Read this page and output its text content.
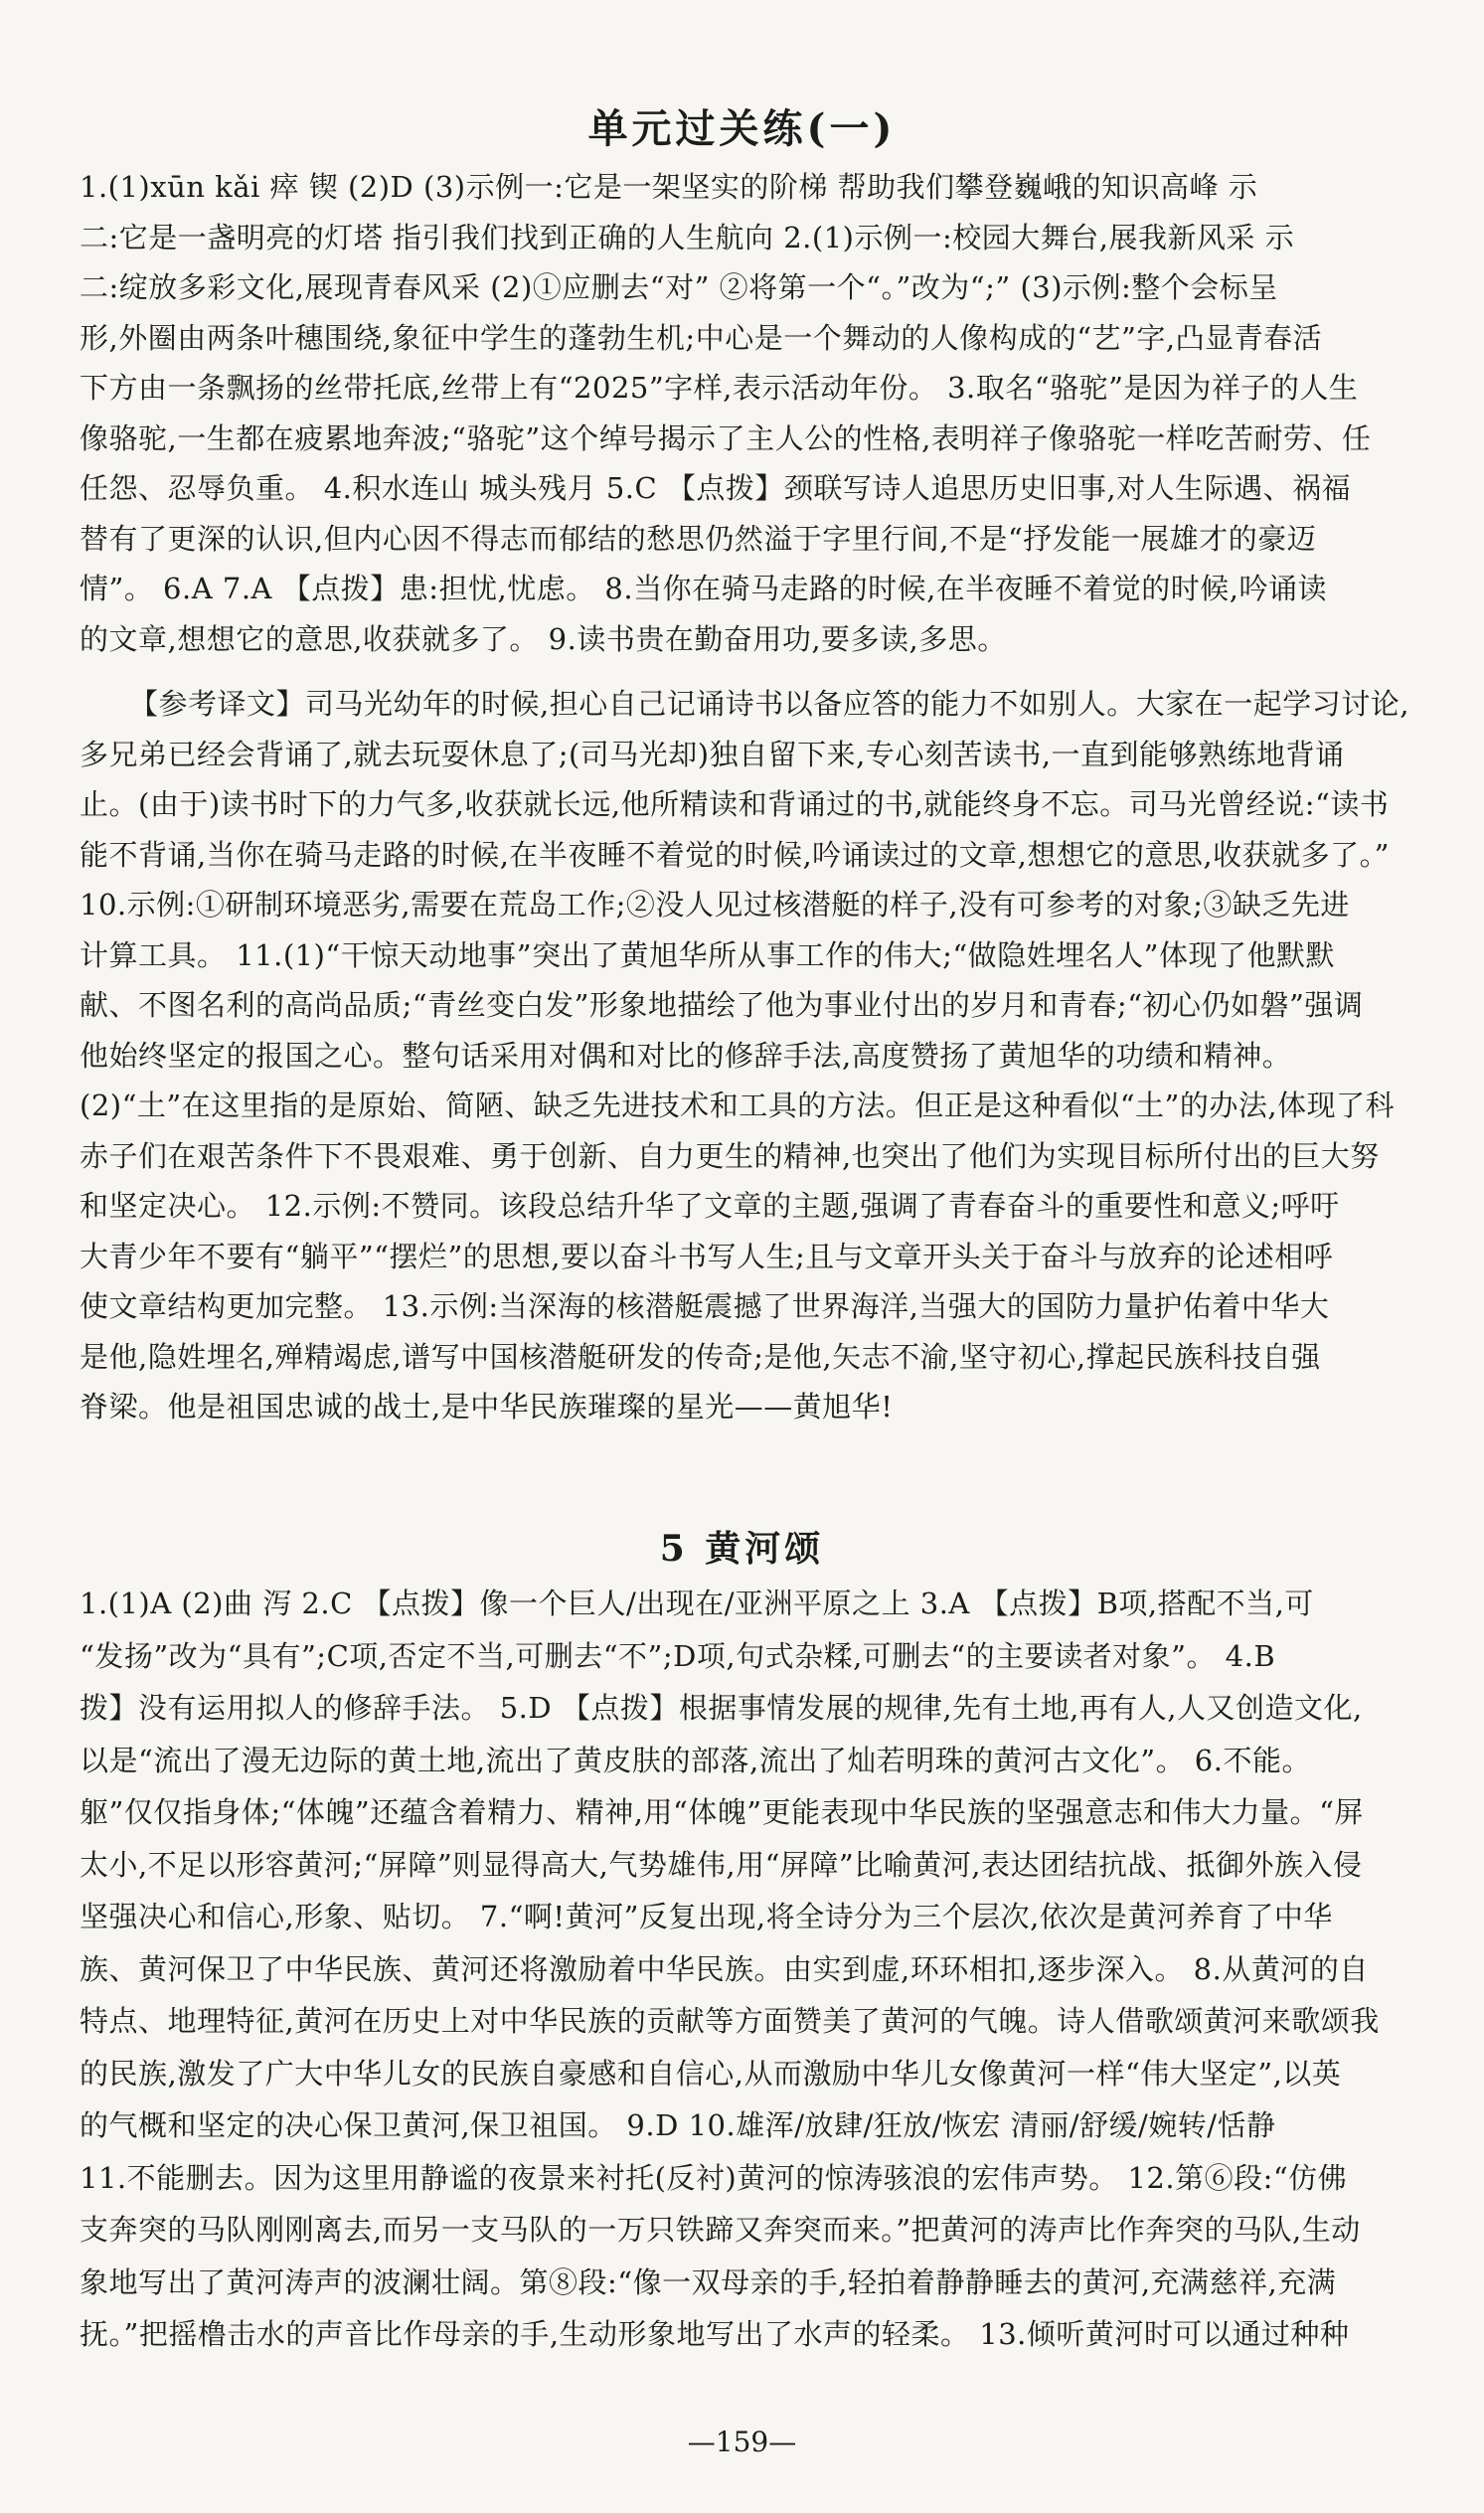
单元过关练(一)
1.(1)xūn kǎi 瘁 锲 (2)D (3)示例一:它是一架坚实的阶梯 帮助我们攀登巍峨的知识高峰 示
二:它是一盏明亮的灯塔 指引我们找到正确的人生航向 2.(1)示例一:校园大舞台,展我新风采 示
二:绽放多彩文化,展现青春风采 (2)①应删去“对” ②将第一个“。”改为“;” (3)示例:整个会标呈
形,外圈由两条叶穗围绕,象征中学生的蓬勃生机;中心是一个舞动的人像构成的“艺”字,凸显青春活
下方由一条飘扬的丝带托底,丝带上有“2025”字样,表示活动年份。 3.取名“骆驼”是因为祥子的人生
像骆驼,一生都在疲累地奔波;“骆驼”这个绰号揭示了主人公的性格,表明祥子像骆驼一样吃苦耐劳、任
任怨、忍辱负重。 4.积水连山 城头残月 5.C 【点拨】颈联写诗人追思历史旧事,对人生际遇、祸福
替有了更深的认识,但内心因不得志而郁结的愁思仍然溢于字里行间,不是“抒发能一展雄才的豪迈
情”。 6.A 7.A 【点拨】患:担忧,忧虑。 8.当你在骑马走路的时候,在半夜睡不着觉的时候,吟诵读
的文章,想想它的意思,收获就多了。 9.读书贵在勤奋用功,要多读,多思。
【参考译文】司马光幼年的时候,担心自己记诵诗书以备应答的能力不如别人。大家在一起学习讨论,
多兄弟已经会背诵了,就去玩耍休息了;(司马光却)独自留下来,专心刻苦读书,一直到能够熟练地背诵
止。(由于)读书时下的力气多,收获就长远,他所精读和背诵过的书,就能终身不忘。司马光曾经说:“读书
能不背诵,当你在骑马走路的时候,在半夜睡不着觉的时候,吟诵读过的文章,想想它的意思,收获就多了。”
10.示例:①研制环境恶劣,需要在荒岛工作;②没人见过核潜艇的样子,没有可参考的对象;③缺乏先进
计算工具。 11.(1)“干惊天动地事”突出了黄旭华所从事工作的伟大;“做隐姓埋名人”体现了他默默
献、不图名利的高尚品质;“青丝变白发”形象地描绘了他为事业付出的岁月和青春;“初心仍如磐”强调
他始终坚定的报国之心。整句话采用对偶和对比的修辞手法,高度赞扬了黄旭华的功绩和精神。
(2)“土”在这里指的是原始、简陋、缺乏先进技术和工具的方法。但正是这种看似“土”的办法,体现了科
赤子们在艰苦条件下不畏艰难、勇于创新、自力更生的精神,也突出了他们为实现目标所付出的巨大努
和坚定决心。 12.示例:不赞同。该段总结升华了文章的主题,强调了青春奋斗的重要性和意义;呼吁
大青少年不要有“躺平”“摆烂”的思想,要以奋斗书写人生;且与文章开头关于奋斗与放弃的论述相呼
使文章结构更加完整。 13.示例:当深海的核潜艇震撼了世界海洋,当强大的国防力量护佑着中华大
是他,隐姓埋名,殚精竭虑,谱写中国核潜艇研发的传奇;是他,矢志不渝,坚守初心,撑起民族科技自强
脊梁。他是祖国忠诚的战士,是中华民族璀璨的星光——黄旭华!
5 黄河颂
1.(1)A (2)曲 泻 2.C 【点拨】像一个巨人/出现在/亚洲平原之上 3.A 【点拨】B项,搭配不当,可
“发扬”改为“具有”;C项,否定不当,可删去“不”;D项,句式杂糅,可删去“的主要读者对象”。 4.B
拨】没有运用拟人的修辞手法。 5.D 【点拨】根据事情发展的规律,先有土地,再有人,人又创造文化,
以是“流出了漫无边际的黄土地,流出了黄皮肤的部落,流出了灿若明珠的黄河古文化”。 6.不能。
躯”仅仅指身体;“体魄”还蕴含着精力、精神,用“体魄”更能表现中华民族的坚强意志和伟大力量。“屏
太小,不足以形容黄河;“屏障”则显得高大,气势雄伟,用“屏障”比喻黄河,表达团结抗战、抵御外族入侵
坚强决心和信心,形象、贴切。 7.“啊!黄河”反复出现,将全诗分为三个层次,依次是黄河养育了中华
族、黄河保卫了中华民族、黄河还将激励着中华民族。由实到虚,环环相扣,逐步深入。 8.从黄河的自
特点、地理特征,黄河在历史上对中华民族的贡献等方面赞美了黄河的气魄。诗人借歌颂黄河来歌颂我
的民族,激发了广大中华儿女的民族自豪感和自信心,从而激励中华儿女像黄河一样“伟大坚定”,以英
的气概和坚定的决心保卫黄河,保卫祖国。 9.D 10.雄浑/放肆/狂放/恢宏 清丽/舒缓/婉转/恬静
11.不能删去。因为这里用静谧的夜景来衬托(反衬)黄河的惊涛骇浪的宏伟声势。 12.第⑥段:“仿佛
支奔突的马队刚刚离去,而另一支马队的一万只铁蹄又奔突而来。”把黄河的涛声比作奔突的马队,生动
象地写出了黄河涛声的波澜壮阔。第⑧段:“像一双母亲的手,轻拍着静静睡去的黄河,充满慈祥,充满
抚。”把摇橹击水的声音比作母亲的手,生动形象地写出了水声的轻柔。 13.倾听黄河时可以通过种种
—159—
